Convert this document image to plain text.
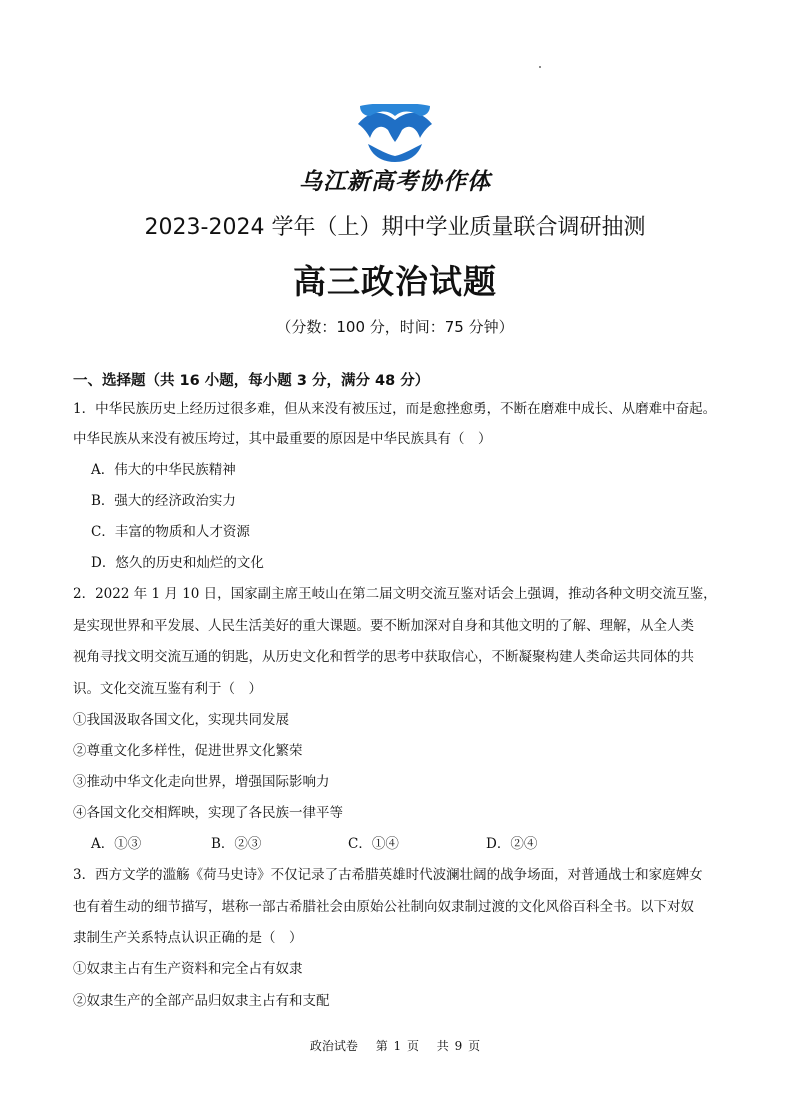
乌江新高考协作体
2023-2024 学年（上）期中学业质量联合调研抽测
高三政治试题
（分数：100 分，时间：75 分钟）
一、选择题（共 16 小题，每小题 3 分，满分 48 分）
1．中华民族历史上经历过很多难，但从来没有被压过，而是愈挫愈勇，不断在磨难中成长、从磨难中奋起。
中华民族从来没有被压垮过，其中最重要的原因是中华民族具有（　）
A．伟大的中华民族精神
B．强大的经济政治实力
C．丰富的物质和人才资源
D．悠久的历史和灿烂的文化
2．2022 年 1 月 10 日，国家副主席王岐山在第二届文明交流互鉴对话会上强调，推动各种文明交流互鉴，
是实现世界和平发展、人民生活美好的重大课题。要不断加深对自身和其他文明的了解、理解，从全人类
视角寻找文明交流互通的钥匙，从历史文化和哲学的思考中获取信心，不断凝聚构建人类命运共同体的共
识。文化交流互鉴有利于（　）
①我国汲取各国文化，实现共同发展
②尊重文化多样性，促进世界文化繁荣
③推动中华文化走向世界，增强国际影响力
④各国文化交相辉映，实现了各民族一律平等
A．①③	B．②③	C．①④	D．②④
3．西方文学的滥觞《荷马史诗》不仅记录了古希腊英雄时代波澜壮阔的战争场面，对普通战士和家庭婢女
也有着生动的细节描写，堪称一部古希腊社会由原始公社制向奴隶制过渡的文化风俗百科全书。以下对奴
隶制生产关系特点认识正确的是（　）
①奴隶主占有生产资料和完全占有奴隶
②奴隶生产的全部产品归奴隶主占有和支配
政治试卷　 第 1 页　 共 9 页
